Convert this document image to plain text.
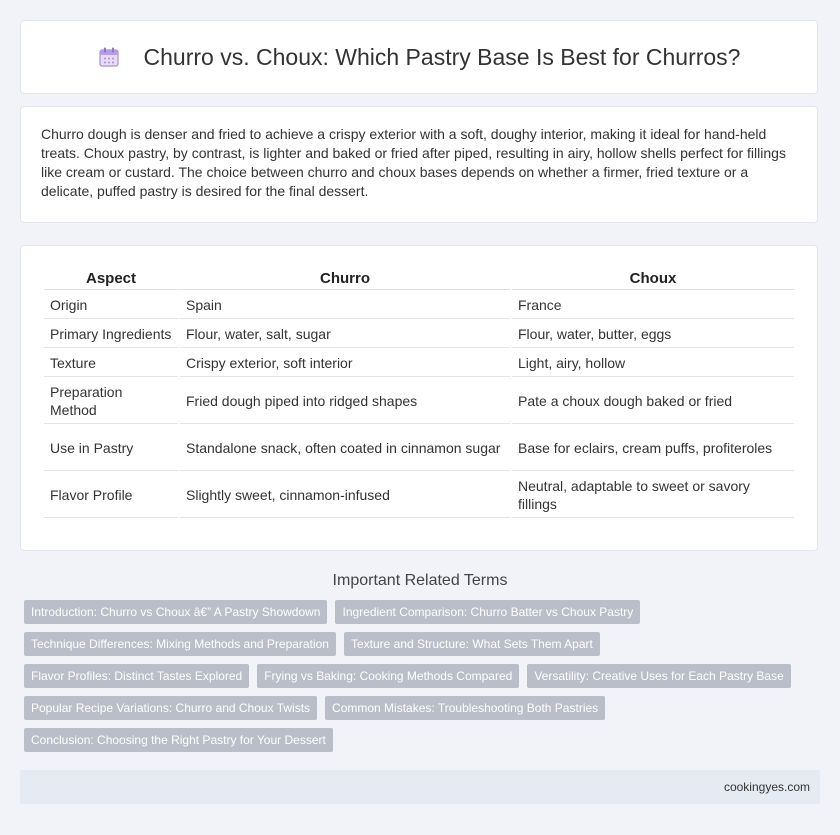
Churro vs. Choux: Which Pastry Base Is Best for Churros?

Churro dough is denser and fried to achieve a crispy exterior with a soft, doughy interior, making it ideal for hand-held treats. Choux pastry, by contrast, is lighter and baked or fried after piped, resulting in airy, hollow shells perfect for fillings like cream or custard. The choice between churro and choux bases depends on whether a firmer, fried texture or a delicate, puffed pastry is desired for the final dessert.

Aspect	Churro	Choux
Origin	Spain	France
Primary Ingredients	Flour, water, salt, sugar	Flour, water, butter, eggs
Texture	Crispy exterior, soft interior	Light, airy, hollow
Preparation Method	Fried dough piped into ridged shapes	Pate a choux dough baked or fried
Use in Pastry	Standalone snack, often coated in cinnamon sugar	Base for eclairs, cream puffs, profiteroles
Flavor Profile	Slightly sweet, cinnamon-infused	Neutral, adaptable to sweet or savory fillings
Important Related Terms
Introduction: Churro vs Choux â€” A Pastry Showdown	Ingredient Comparison: Churro Batter vs Choux Pastry
Technique Differences: Mixing Methods and Preparation	Texture and Structure: What Sets Them Apart
Flavor Profiles: Distinct Tastes Explored	Frying vs Baking: Cooking Methods Compared	Versatility: Creative Uses for Each Pastry Base
Popular Recipe Variations: Churro and Choux Twists	Common Mistakes: Troubleshooting Both Pastries
Conclusion: Choosing the Right Pastry for Your Dessert
cookingyes.com
